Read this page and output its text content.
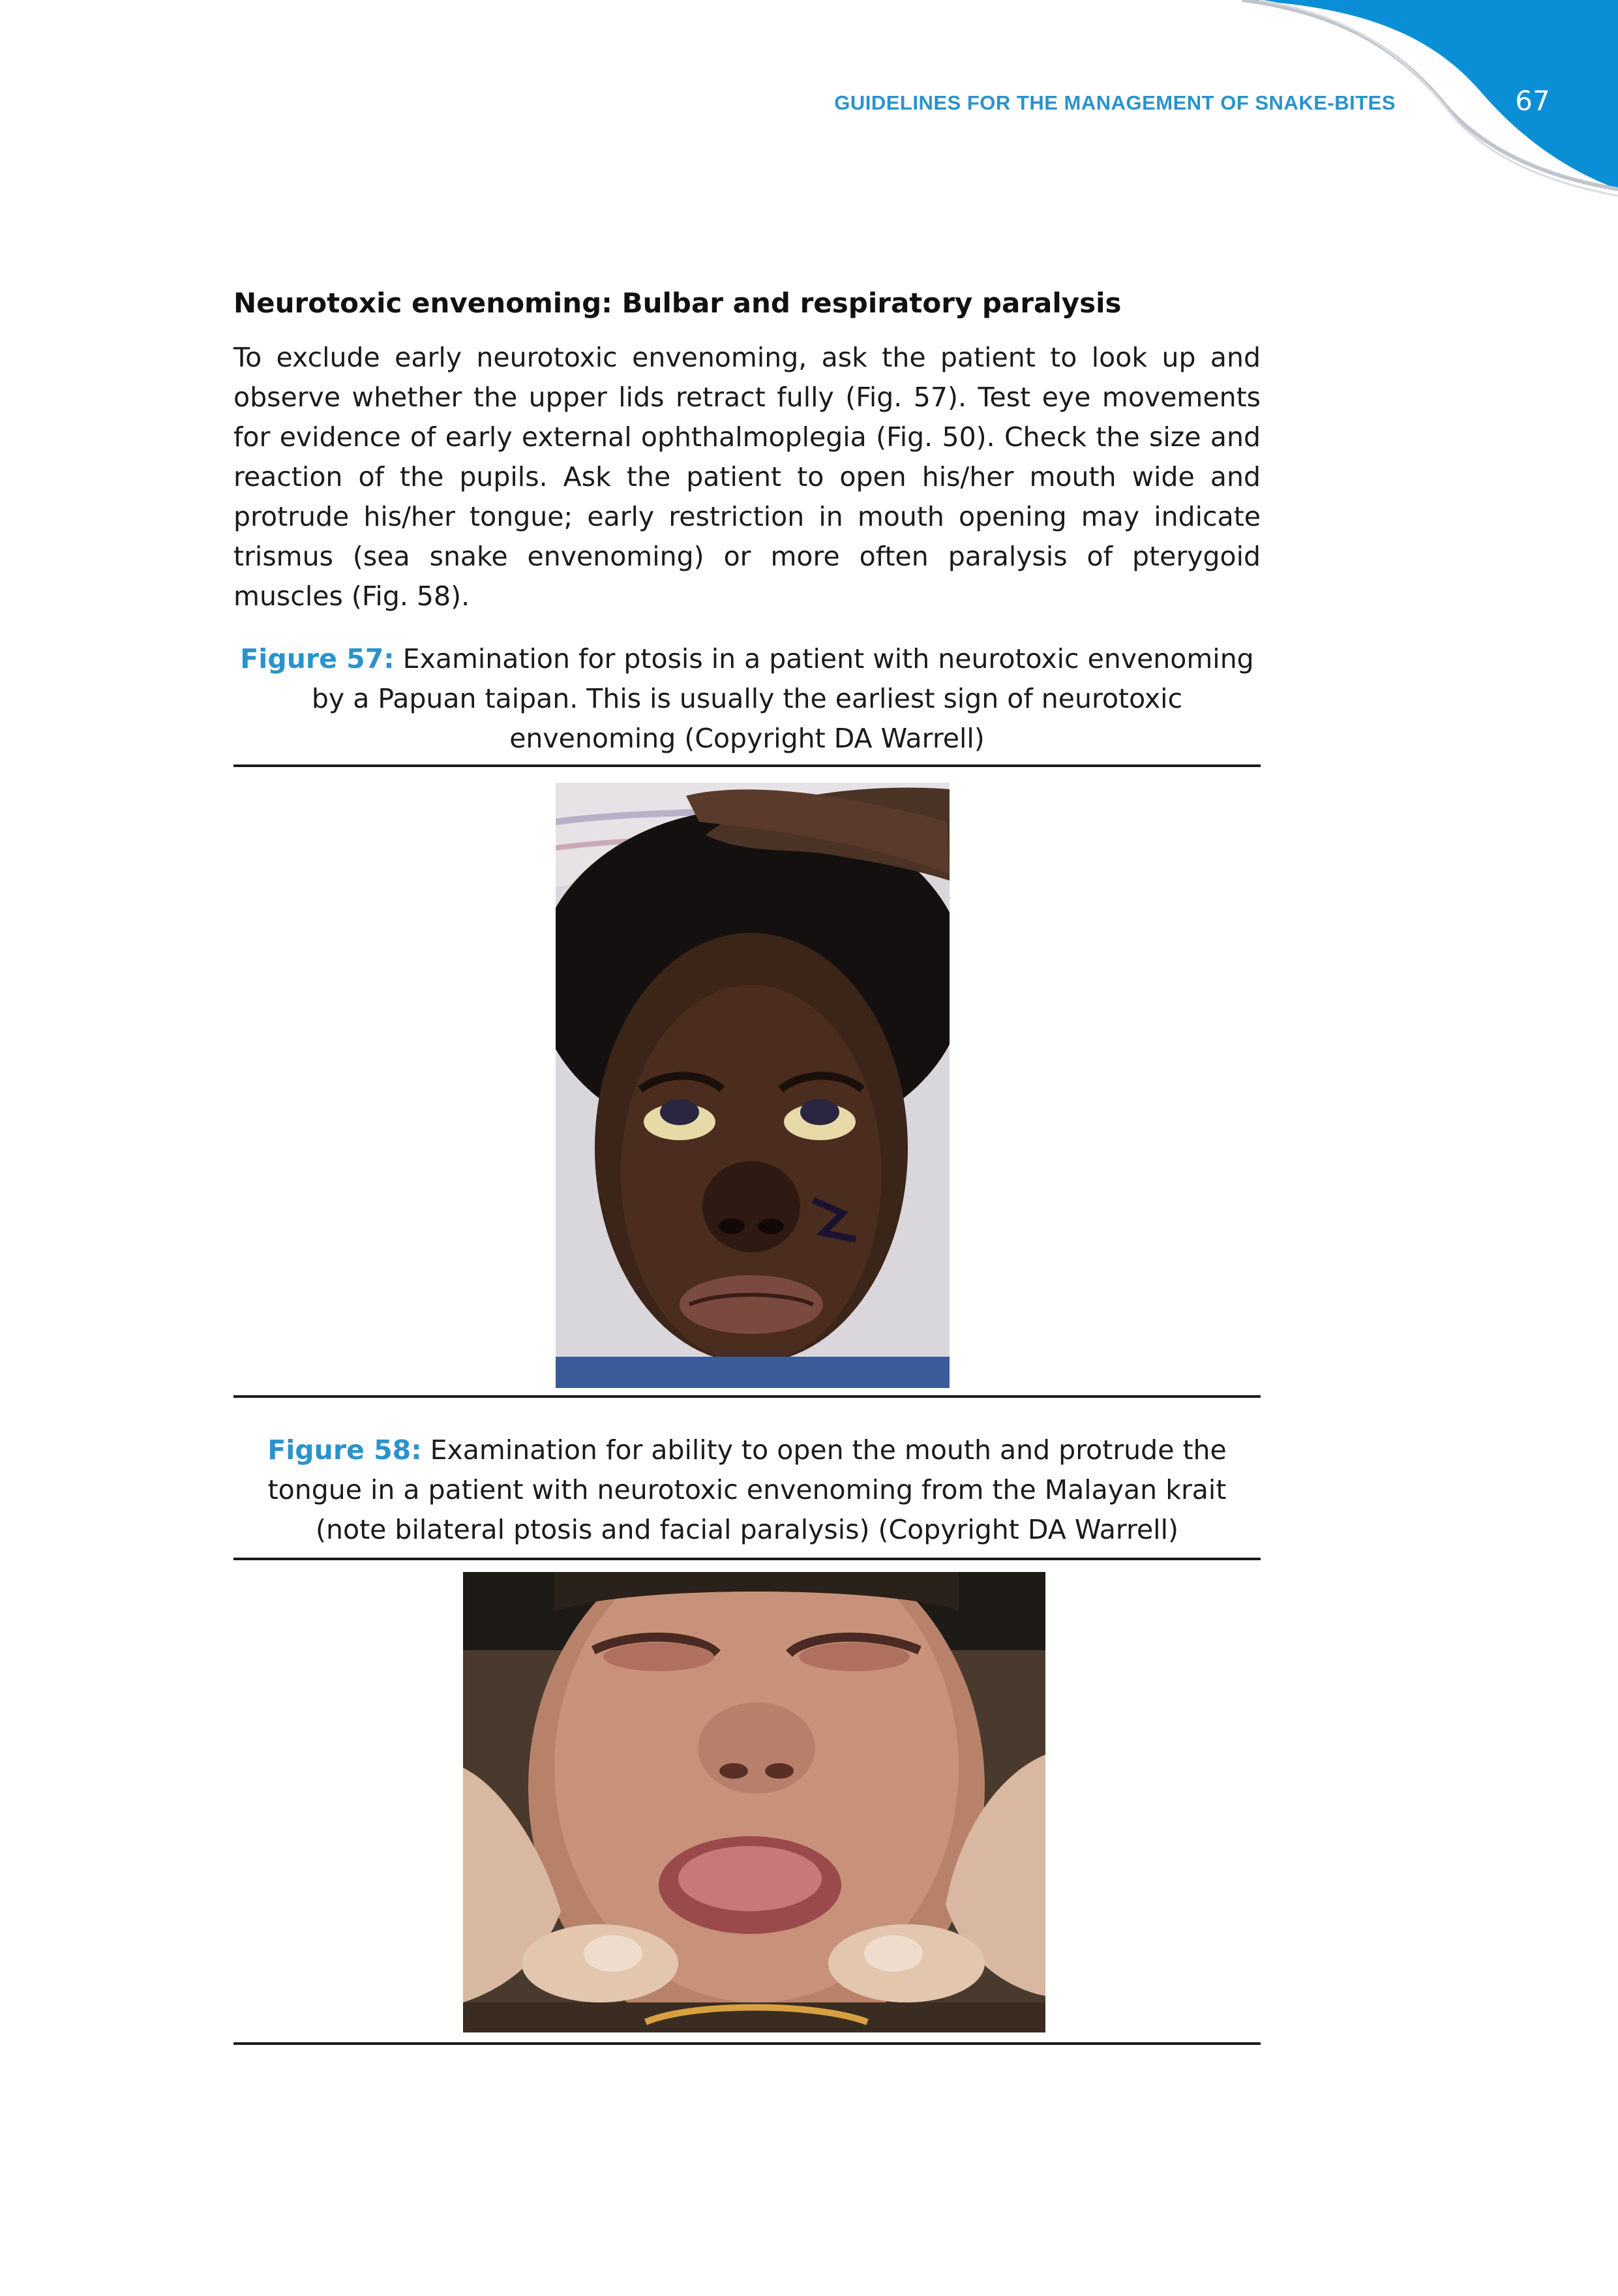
GUIDELINES FOR THE MANAGEMENT OF SNAKE-BITES	67
Neurotoxic envenoming: Bulbar and respiratory paralysis
To exclude early neurotoxic envenoming, ask the patient to look up and observe whether the upper lids retract fully (Fig. 57). Test eye movements for evidence of early external ophthalmoplegia (Fig. 50). Check the size and reaction of the pupils. Ask the patient to open his/her mouth wide and protrude his/her tongue; early restriction in mouth opening may indicate trismus (sea snake envenoming) or more often paralysis of pterygoid muscles (Fig. 58).
Figure 57: Examination for ptosis in a patient with neurotoxic envenoming by a Papuan taipan. This is usually the earliest sign of neurotoxic envenoming (Copyright DA Warrell)
Figure 58: Examination for ability to open the mouth and protrude the tongue in a patient with neurotoxic envenoming from the Malayan krait (note bilateral ptosis and facial paralysis) (Copyright DA Warrell)
